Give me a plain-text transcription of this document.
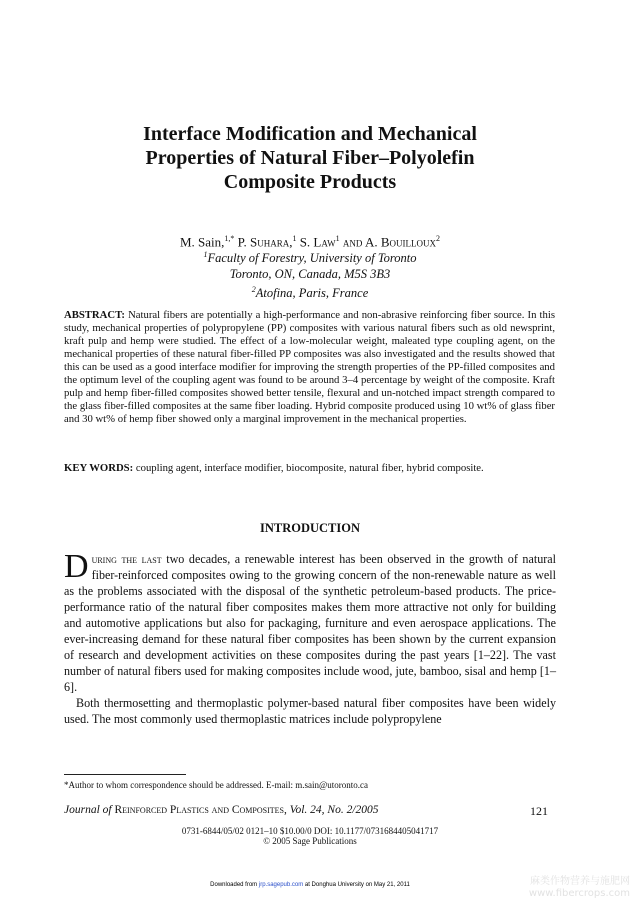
Interface Modification and Mechanical
Properties of Natural Fiber–Polyolefin
Composite Products
M. Sain,$^{1,*}$ P. Suhara,$^1$ S. Law$^1$ and A. Bouilloux$^2$
$^1$Faculty of Forestry, University of Toronto
Toronto, ON, Canada, M5S 3B3
$^2$Atofina, Paris, France
ABSTRACT: Natural fibers are potentially a high-performance and non-abrasive reinforcing fiber source. In this study, mechanical properties of polypropylene (PP) composites with various natural fibers such as old newsprint, kraft pulp and hemp were studied. The effect of a low-molecular weight, maleated type coupling agent, on the mechanical properties of these natural fiber-filled PP composites was also investigated and the results showed that this can be used as a good interface modifier for improving the strength properties of the PP-filled composites and the optimum level of the coupling agent was found to be around 3–4 percentage by weight of the composite. Kraft pulp and hemp fiber-filled composites showed better tensile, flexural and un-notched impact strength compared to the glass fiber-filled composites at the same fiber loading. Hybrid composite produced using 10 wt% of glass fiber and 30 wt% of hemp fiber showed only a marginal improvement in the mechanical properties.
KEY WORDS: coupling agent, interface modifier, biocomposite, natural fiber, hybrid composite.
INTRODUCTION

During the last two decades, a renewable interest has been observed in the growth of natural fiber-reinforced composites owing to the growing concern of the non-renewable nature as well as the problems associated with the disposal of the synthetic petroleum-based products. The price-performance ratio of the natural fiber composites makes them more attractive not only for building and automotive applications but also for packaging, furniture and even aerospace applications. The ever-increasing demand for these natural fiber composites has been shown by the current expansion of research and development activities on these composites during the past years [1–22]. The vast number of natural fibers used for making composites include wood, jute, bamboo, sisal and hemp [1–6].

Both thermosetting and thermoplastic polymer-based natural fiber composites have been widely used. The most commonly used thermoplastic matrices include polypropylene

*Author to whom correspondence should be addressed. E-mail: m.sain@utoronto.ca
Journal of Reinforced Plastics and Composites, Vol. 24, No. 2/2005	121
0731-6844/05/02 0121–10 $10.00/0 DOI: 10.1177/0731684405041717
© 2005 Sage Publications
Downloaded from jrp.sagepub.com at Donghua University on May 21, 2011	麻类作物营养与施肥网
www.fibercrops.com
